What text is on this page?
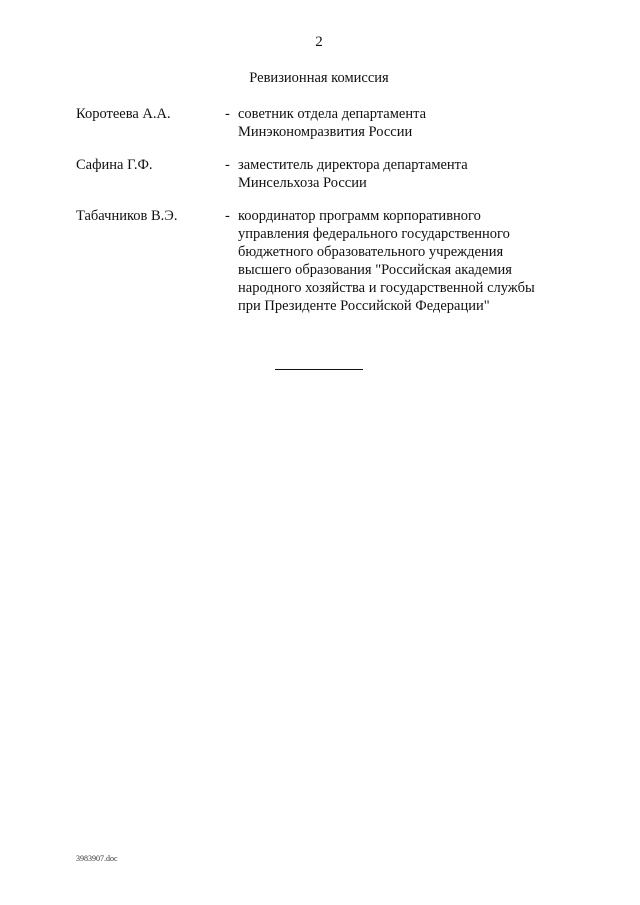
2
Ревизионная комиссия
Коротеева А.А.	- советник отдела департамента
Минэкономразвития России
Сафина Г.Ф.	- заместитель директора департамента
Минсельхоза России
Табачников В.Э.	- координатор программ корпоративного
управления федерального государственного
бюджетного образовательного учреждения
высшего образования "Российская академия
народного хозяйства и государственной службы
при Президенте Российской Федерации"
3983907.doc
